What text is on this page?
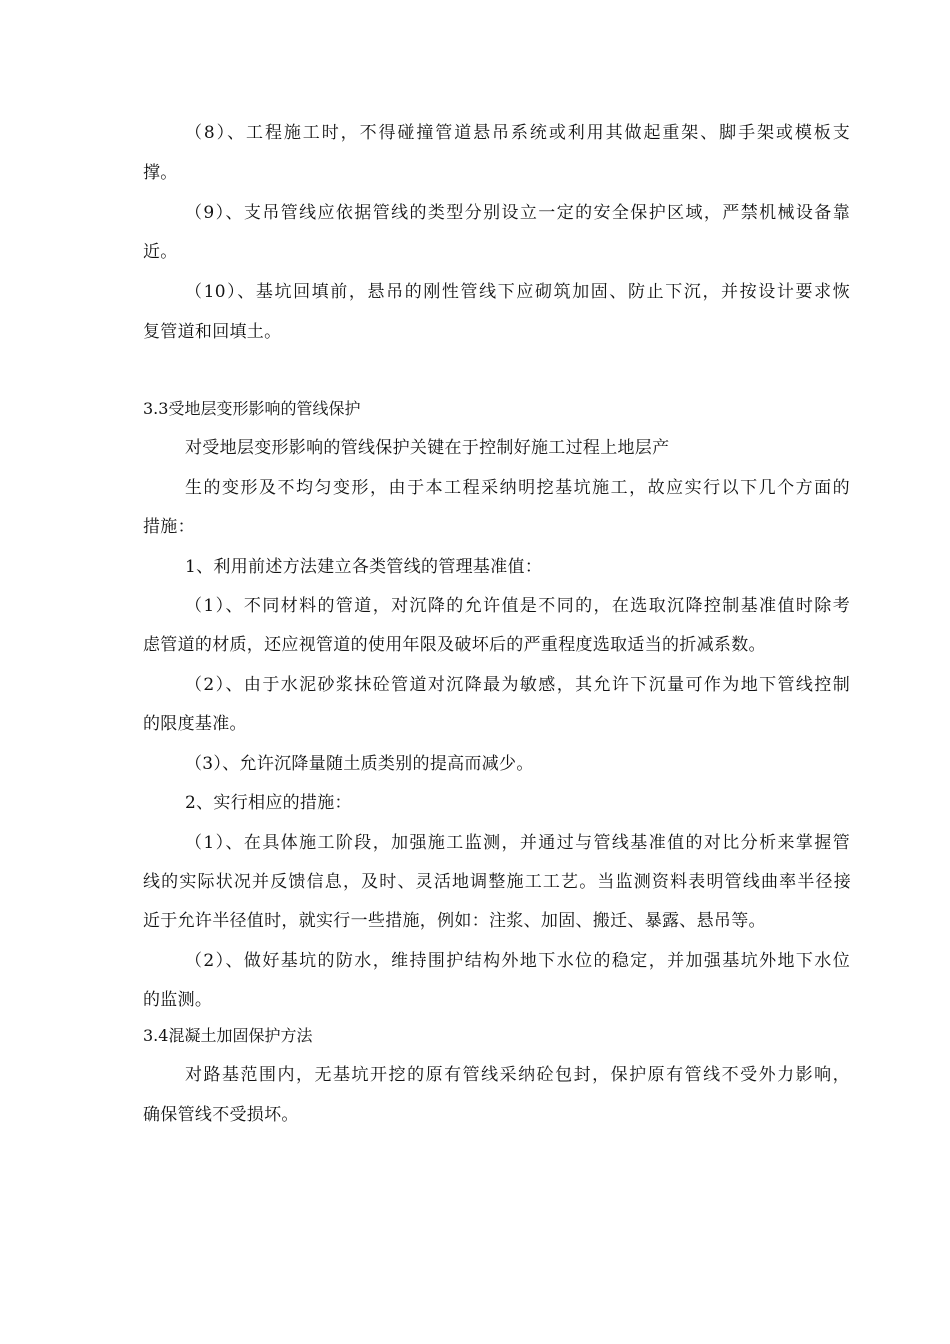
（8）、工程施工时，不得碰撞管道悬吊系统或利用其做起重架、脚手架或模板支
撑。
（9）、支吊管线应依据管线的类型分别设立一定的安全保护区域，严禁机械设备靠
近。
（10）、基坑回填前，悬吊的刚性管线下应砌筑加固、防止下沉，并按设计要求恢
复管道和回填土。
3.3受地层变形影响的管线保护
对受地层变形影响的管线保护关键在于控制好施工过程上地层产
生的变形及不均匀变形，由于本工程采纳明挖基坑施工，故应实行以下几个方面的
措施：
1、利用前述方法建立各类管线的管理基准值：
（1）、不同材料的管道，对沉降的允许值是不同的，在选取沉降控制基准值时除考
虑管道的材质，还应视管道的使用年限及破坏后的严重程度选取适当的折减系数。
（2）、由于水泥砂浆抹砼管道对沉降最为敏感，其允许下沉量可作为地下管线控制
的限度基准。
（3）、允许沉降量随土质类别的提高而减少。
2、实行相应的措施：
（1）、在具体施工阶段，加强施工监测，并通过与管线基准值的对比分析来掌握管
线的实际状况并反馈信息，及时、灵活地调整施工工艺。当监测资料表明管线曲率半径接
近于允许半径值时，就实行一些措施，例如：注浆、加固、搬迁、暴露、悬吊等。
（2）、做好基坑的防水，维持围护结构外地下水位的稳定，并加强基坑外地下水位
的监测。
3.4混凝土加固保护方法
对路基范围内，无基坑开挖的原有管线采纳砼包封，保护原有管线不受外力影响，
确保管线不受损坏。
